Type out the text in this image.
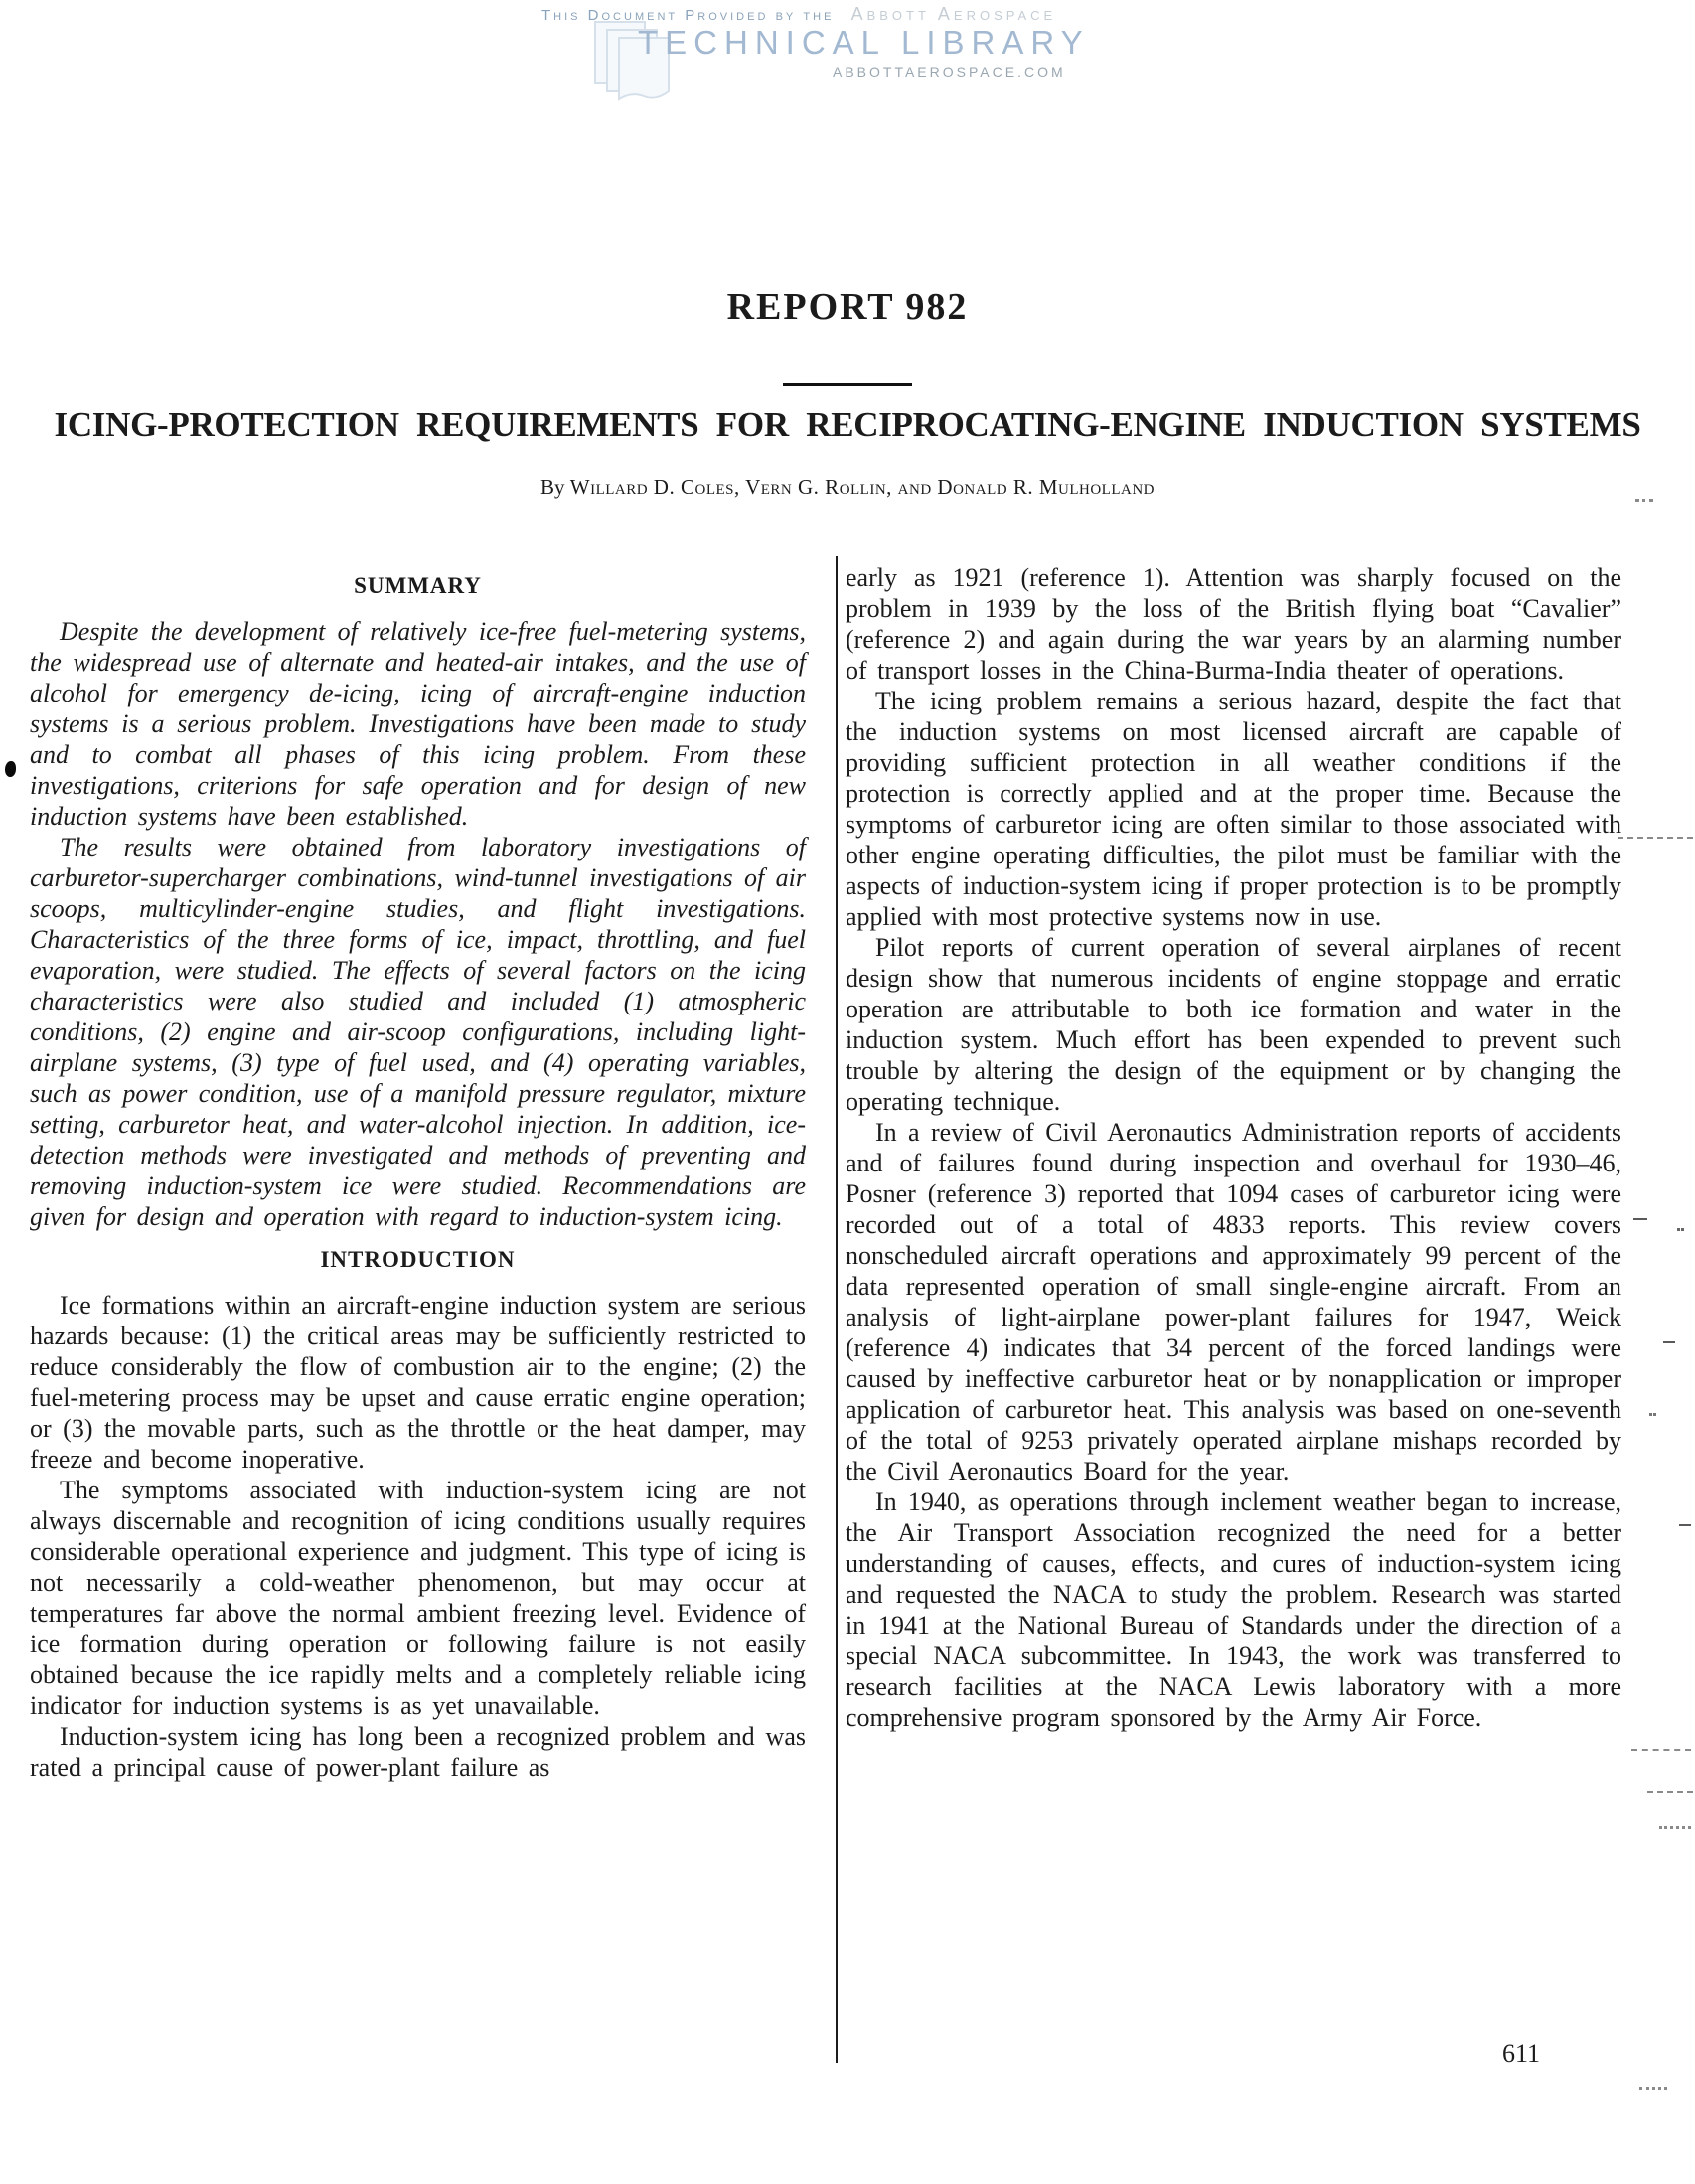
This Document Provided by the Abbott Aerospace
TECHNICAL LIBRARY
ABBOTTAEROSPACE.COM
REPORT 982
ICING-PROTECTION REQUIREMENTS FOR RECIPROCATING-ENGINE INDUCTION SYSTEMS
By Willard D. Coles, Vern G. Rollin, and Donald R. Mulholland
SUMMARY

Despite the development of relatively ice-free fuel-metering systems, the widespread use of alternate and heated-air intakes, and the use of alcohol for emergency de-icing, icing of aircraft-engine induction systems is a serious problem. Investigations have been made to study and to combat all phases of this icing problem. From these investigations, criterions for safe operation and for design of new induction systems have been established.

The results were obtained from laboratory investigations of carburetor-supercharger combinations, wind-tunnel investigations of air scoops, multicylinder-engine studies, and flight investigations. Characteristics of the three forms of ice, impact, throttling, and fuel evaporation, were studied. The effects of several factors on the icing characteristics were also studied and included (1) atmospheric conditions, (2) engine and air-scoop configurations, including light-airplane systems, (3) type of fuel used, and (4) operating variables, such as power condition, use of a manifold pressure regulator, mixture setting, carburetor heat, and water-alcohol injection. In addition, ice-detection methods were investigated and methods of preventing and removing induction-system ice were studied. Recommendations are given for design and operation with regard to induction-system icing.

INTRODUCTION

Ice formations within an aircraft-engine induction system are serious hazards because: (1) the critical areas may be sufficiently restricted to reduce considerably the flow of combustion air to the engine; (2) the fuel-metering process may be upset and cause erratic engine operation; or (3) the movable parts, such as the throttle or the heat damper, may freeze and become inoperative.

The symptoms associated with induction-system icing are not always discernable and recognition of icing conditions usually requires considerable operational experience and judgment. This type of icing is not necessarily a cold-weather phenomenon, but may occur at temperatures far above the normal ambient freezing level. Evidence of ice formation during operation or following failure is not easily obtained because the ice rapidly melts and a completely reliable icing indicator for induction systems is as yet unavailable.

Induction-system icing has long been a recognized problem and was rated a principal cause of power-plant failure as

early as 1921 (reference 1). Attention was sharply focused on the problem in 1939 by the loss of the British flying boat “Cavalier” (reference 2) and again during the war years by an alarming number of transport losses in the China-Burma-India theater of operations.

The icing problem remains a serious hazard, despite the fact that the induction systems on most licensed aircraft are capable of providing sufficient protection in all weather conditions if the protection is correctly applied and at the proper time. Because the symptoms of carburetor icing are often similar to those associated with other engine operating difficulties, the pilot must be familiar with the aspects of induction-system icing if proper protection is to be promptly applied with most protective systems now in use.

Pilot reports of current operation of several airplanes of recent design show that numerous incidents of engine stoppage and erratic operation are attributable to both ice formation and water in the induction system. Much effort has been expended to prevent such trouble by altering the design of the equipment or by changing the operating technique.

In a review of Civil Aeronautics Administration reports of accidents and of failures found during inspection and overhaul for 1930–46, Posner (reference 3) reported that 1094 cases of carburetor icing were recorded out of a total of 4833 reports. This review covers nonscheduled aircraft operations and approximately 99 percent of the data represented operation of small single-engine aircraft. From an analysis of light-airplane power-plant failures for 1947, Weick (reference 4) indicates that 34 percent of the forced landings were caused by ineffective carburetor heat or by nonapplication or improper application of carburetor heat. This analysis was based on one-seventh of the total of 9253 privately operated airplane mishaps recorded by the Civil Aeronautics Board for the year.

In 1940, as operations through inclement weather began to increase, the Air Transport Association recognized the need for a better understanding of causes, effects, and cures of induction-system icing and requested the NACA to study the problem. Research was started in 1941 at the National Bureau of Standards under the direction of a special NACA subcommittee. In 1943, the work was transferred to research facilities at the NACA Lewis laboratory with a more comprehensive program sponsored by the Army Air Force.

611
